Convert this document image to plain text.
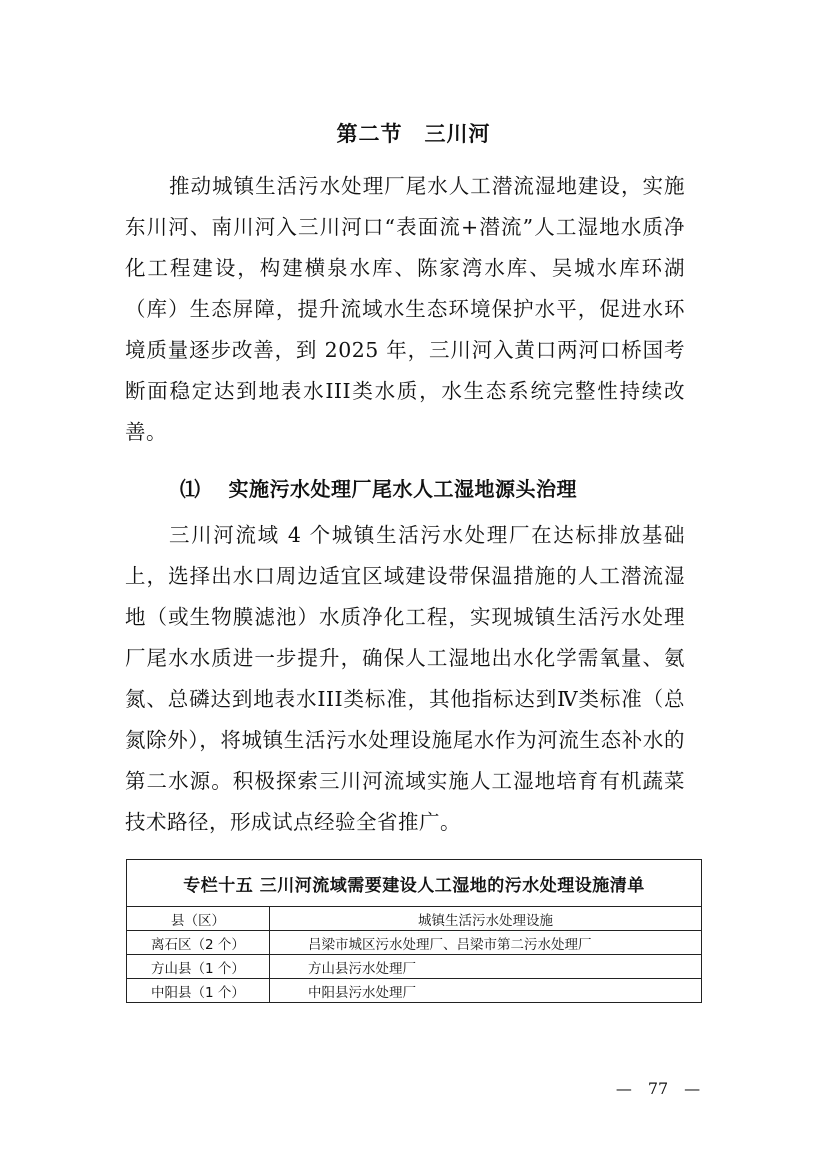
第二节　三川河

推动城镇生活污水处理厂尾水人工潜流湿地建设，实施东川河、南川河入三川河口“表面流+潜流”人工湿地水质净化工程建设，构建横泉水库、陈家湾水库、吴城水库环湖（库）生态屏障，提升流域水生态环境保护水平，促进水环境质量逐步改善，到 2025 年，三川河入黄口两河口桥国考断面稳定达到地表水III类水质，水生态系统完整性持续改善。

⑴ 实施污水处理厂尾水人工湿地源头治理

三川河流域 4 个城镇生活污水处理厂在达标排放基础上，选择出水口周边适宜区域建设带保温措施的人工潜流湿地（或生物膜滤池）水质净化工程，实现城镇生活污水处理厂尾水水质进一步提升，确保人工湿地出水化学需氧量、氨氮、总磷达到地表水III类标准，其他指标达到Ⅳ类标准（总氮除外），将城镇生活污水处理设施尾水作为河流生态补水的第二水源。积极探索三川河流域实施人工湿地培育有机蔬菜技术路径，形成试点经验全省推广。

专栏十五 三川河流域需要建设人工湿地的污水处理设施清单	
县（区）	城镇生活污水处理设施
离石区（2 个）	吕梁市城区污水处理厂、吕梁市第二污水处理厂
方山县（1 个）	方山县污水处理厂
中阳县（1 个）	中阳县污水处理厂

—　77　—
